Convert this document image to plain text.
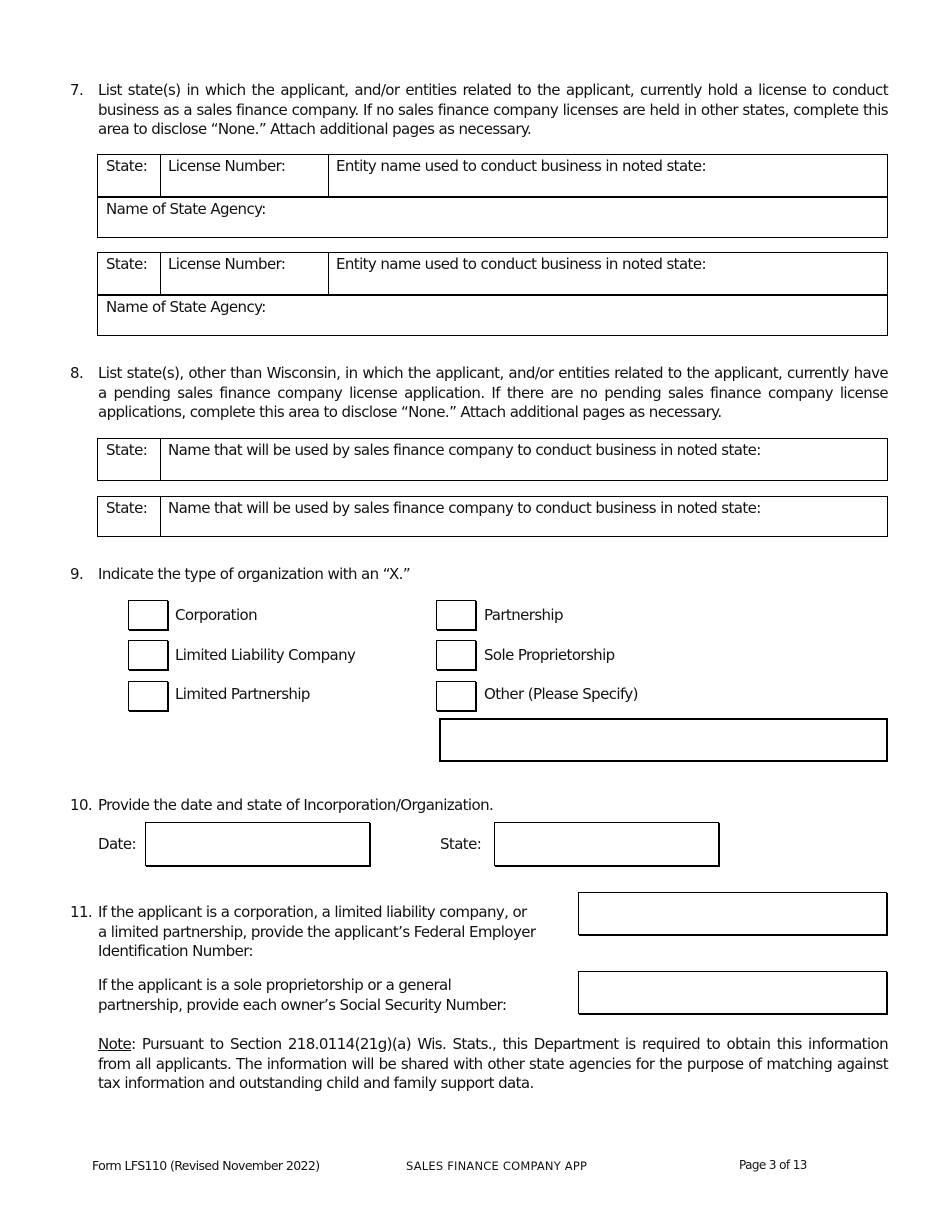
7. List state(s) in which the applicant, and/or entities related to the applicant, currently hold a license to conduct business as a sales finance company. If no sales finance company licenses are held in other states, complete this area to disclose “None.” Attach additional pages as necessary.
State:	License Number:	Entity name used to conduct business in noted state:
Name of State Agency:
State:	License Number:	Entity name used to conduct business in noted state:
Name of State Agency:
8. List state(s), other than Wisconsin, in which the applicant, and/or entities related to the applicant, currently have a pending sales finance company license application. If there are no pending sales finance company license applications, complete this area to disclose “None.” Attach additional pages as necessary.
State:	Name that will be used by sales finance company to conduct business in noted state:
State:	Name that will be used by sales finance company to conduct business in noted state:
9. Indicate the type of organization with an “X.”
Corporation
Limited Liability Company
Limited Partnership
Partnership
Sole Proprietorship
Other (Please Specify)
10. Provide the date and state of Incorporation/Organization.
Date:	State:
11. If the applicant is a corporation, a limited liability company, or a limited partnership, provide the applicant’s Federal Employer Identification Number:
If the applicant is a sole proprietorship or a general partnership, provide each owner’s Social Security Number:
Note: Pursuant to Section 218.0114(21g)(a) Wis. Stats., this Department is required to obtain this information from all applicants. The information will be shared with other state agencies for the purpose of matching against tax information and outstanding child and family support data.
Form LFS110 (Revised November 2022)	SALES FINANCE COMPANY APP	Page 3 of 13
